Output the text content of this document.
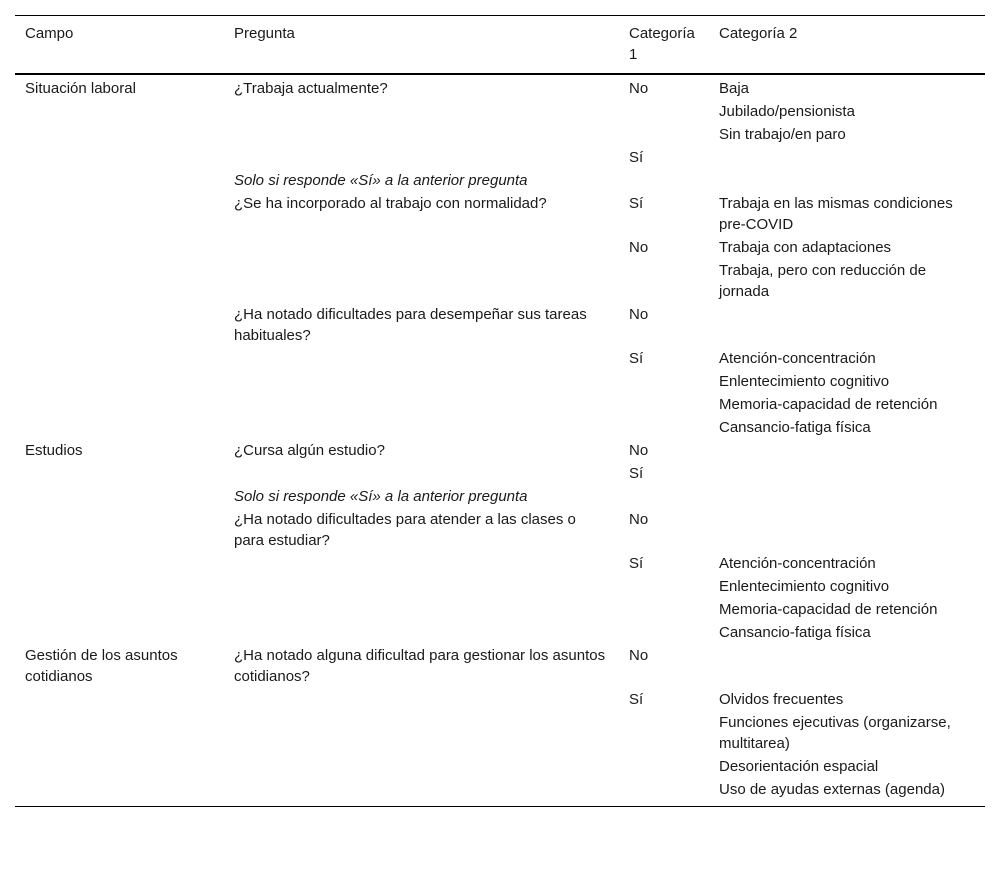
Campo	Pregunta	Categoría 1	Categoría 2
Situación laboral	¿Trabaja actualmente?	No	Baja
			Jubilado/pensionista
			Sin trabajo/en paro
		Sí	
	Solo si responde «Sí» a la anterior pregunta		
	¿Se ha incorporado al trabajo con normalidad?	Sí	Trabaja en las mismas condiciones pre-COVID
		No	Trabaja con adaptaciones
			Trabaja, pero con reducción de jornada
	¿Ha notado dificultades para desempeñar sus tareas habituales?	No	
		Sí	Atención-concentración
			Enlentecimiento cognitivo
			Memoria-capacidad de retención
			Cansancio-fatiga física
Estudios	¿Cursa algún estudio?	No	
		Sí	
	Solo si responde «Sí» a la anterior pregunta		
	¿Ha notado dificultades para atender a las clases o para estudiar?	No	
		Sí	Atención-concentración
			Enlentecimiento cognitivo
			Memoria-capacidad de retención
			Cansancio-fatiga física
Gestión de los asuntos cotidianos	¿Ha notado alguna dificultad para gestionar los asuntos cotidianos?	No	
		Sí	Olvidos frecuentes
			Funciones ejecutivas (organizarse, multitarea)
			Desorientación espacial
			Uso de ayudas externas (agenda)
